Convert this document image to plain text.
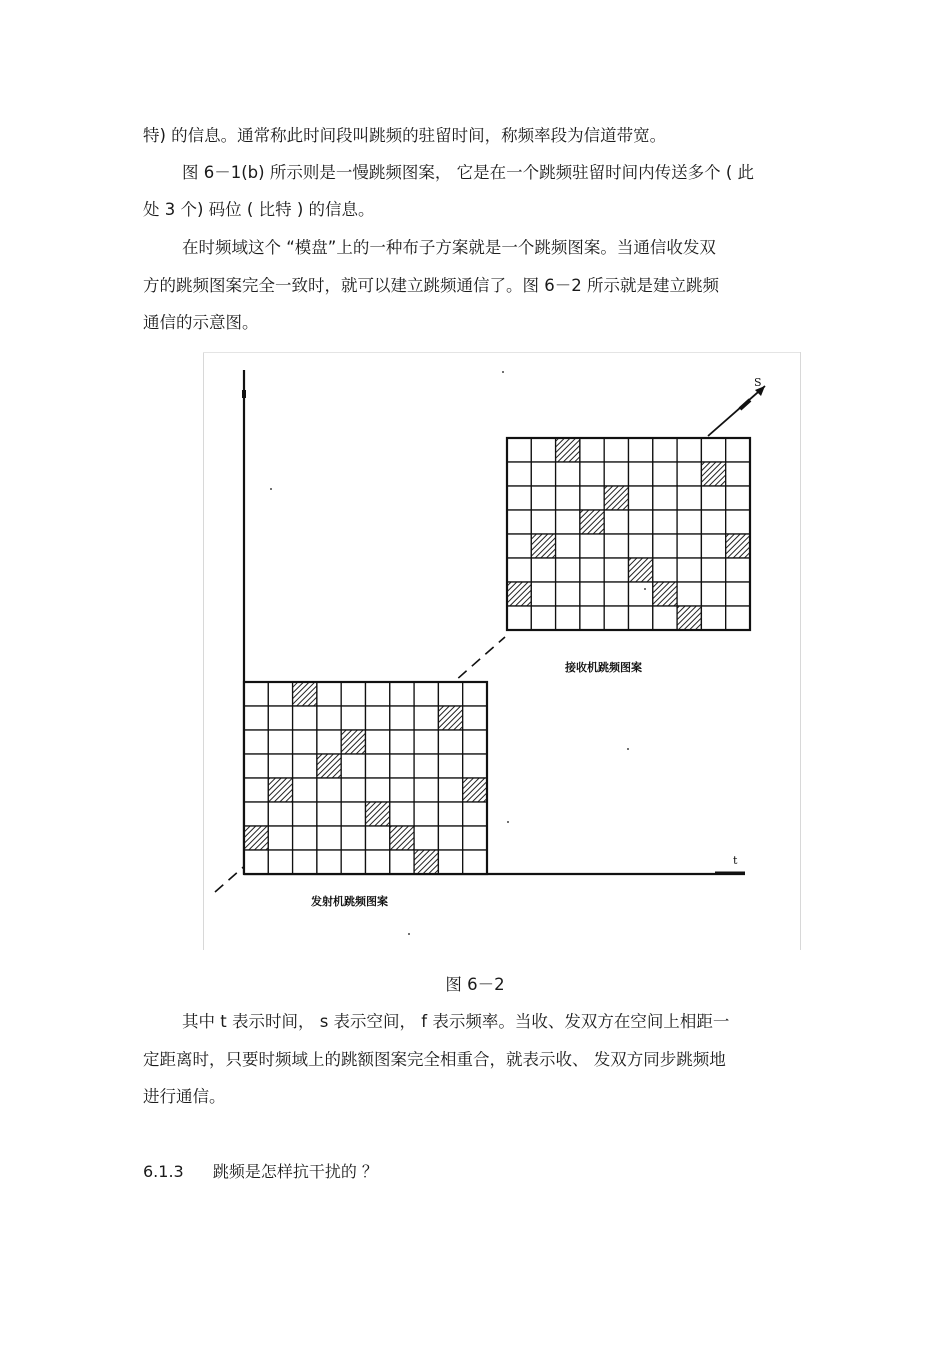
特) 的信息。通常称此时间段叫跳频的驻留时间，称频率段为信道带宽。
图 6－1(b) 所示则是一慢跳频图案， 它是在一个跳频驻留时间内传送多个 ( 此
处 3 个) 码位 ( 比特 ) 的信息。
在时频域这个 “模盘”上的一种布子方案就是一个跳频图案。当通信收发双
方的跳频图案完全一致时，就可以建立跳频通信了。图 6－2 所示就是建立跳频
通信的示意图。
t
S
接收机跳频图案
发射机跳频图案
图 6－2
其中 t 表示时间， s 表示空间， f 表示频率。当收、发双方在空间上相距一
定距离时，只要时频域上的跳额图案完全相重合，就表示收、 发双方同步跳频地
进行通信。
6.1.3 跳频是怎样抗干扰的 ？
